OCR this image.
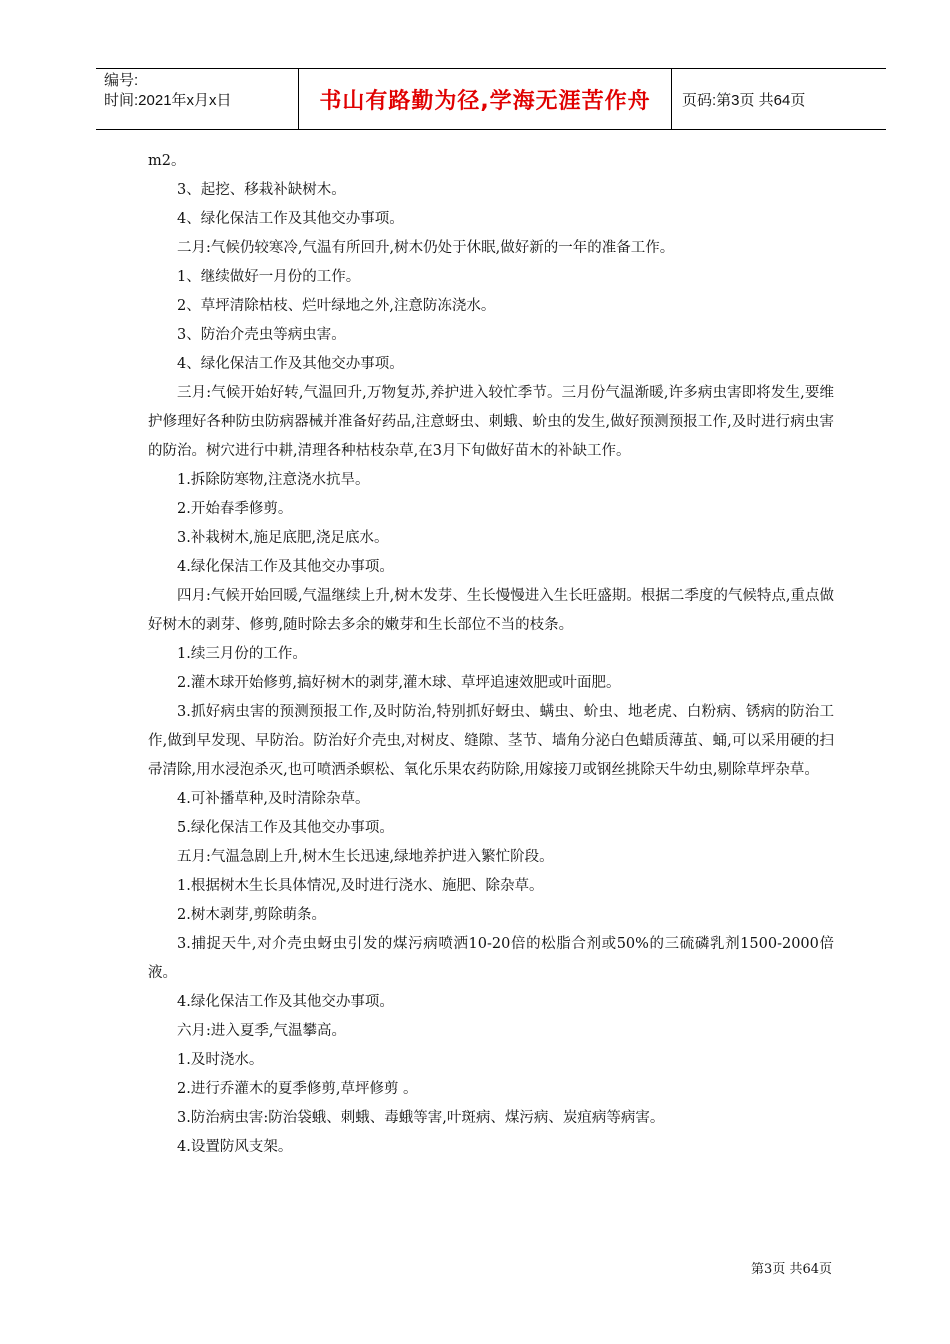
编号:
时间:2021年x月x日	书山有路勤为径,学海无涯苦作舟	页码:第3页 共64页

m2。

3、起挖、移栽补缺树木。

4、绿化保洁工作及其他交办事项。

二月:气候仍较寒冷,气温有所回升,树木仍处于休眠,做好新的一年的准备工作。

1、继续做好一月份的工作。

2、草坪清除枯枝、烂叶绿地之外,注意防冻浇水。

3、防治介壳虫等病虫害。

4、绿化保洁工作及其他交办事项。

三月:气候开始好转,气温回升,万物复苏,养护进入较忙季节。三月份气温渐暖,许多病虫害即将发生,要维护修理好各种防虫防病器械并准备好药品,注意蚜虫、刺蛾、蚧虫的发生,做好预测预报工作,及时进行病虫害的防治。树穴进行中耕,清理各种枯枝杂草,在3月下旬做好苗木的补缺工作。

1.拆除防寒物,注意浇水抗旱。

2.开始春季修剪。

3.补栽树木,施足底肥,浇足底水。

4.绿化保洁工作及其他交办事项。

四月:气候开始回暖,气温继续上升,树木发芽、生长慢慢进入生长旺盛期。根据二季度的气候特点,重点做好树木的剥芽、修剪,随时除去多余的嫩芽和生长部位不当的枝条。

1.续三月份的工作。

2.灌木球开始修剪,搞好树木的剥芽,灌木球、草坪追速效肥或叶面肥。

3.抓好病虫害的预测预报工作,及时防治,特别抓好蚜虫、螨虫、蚧虫、地老虎、白粉病、锈病的防治工作,做到早发现、早防治。防治好介壳虫,对树皮、缝隙、茎节、墙角分泌白色蜡质薄茧、蛹,可以采用硬的扫帚清除,用水浸泡杀灭,也可喷洒杀螟松、氧化乐果农药防除,用嫁接刀或钢丝挑除天牛幼虫,剔除草坪杂草。

4.可补播草种,及时清除杂草。

5.绿化保洁工作及其他交办事项。

五月:气温急剧上升,树木生长迅速,绿地养护进入繁忙阶段。

1.根据树木生长具体情况,及时进行浇水、施肥、除杂草。

2.树木剥芽,剪除萌条。

3.捕捉天牛,对介壳虫蚜虫引发的煤污病喷洒10-20倍的松脂合剂或50%的三硫磷乳剂1500-2000倍液。

4.绿化保洁工作及其他交办事项。

六月:进入夏季,气温攀高。

1.及时浇水。

2.进行乔灌木的夏季修剪,草坪修剪 。

3.防治病虫害:防治袋蛾、刺蛾、毒蛾等害,叶斑病、煤污病、炭疽病等病害。

4.设置防风支架。

第3页 共64页
